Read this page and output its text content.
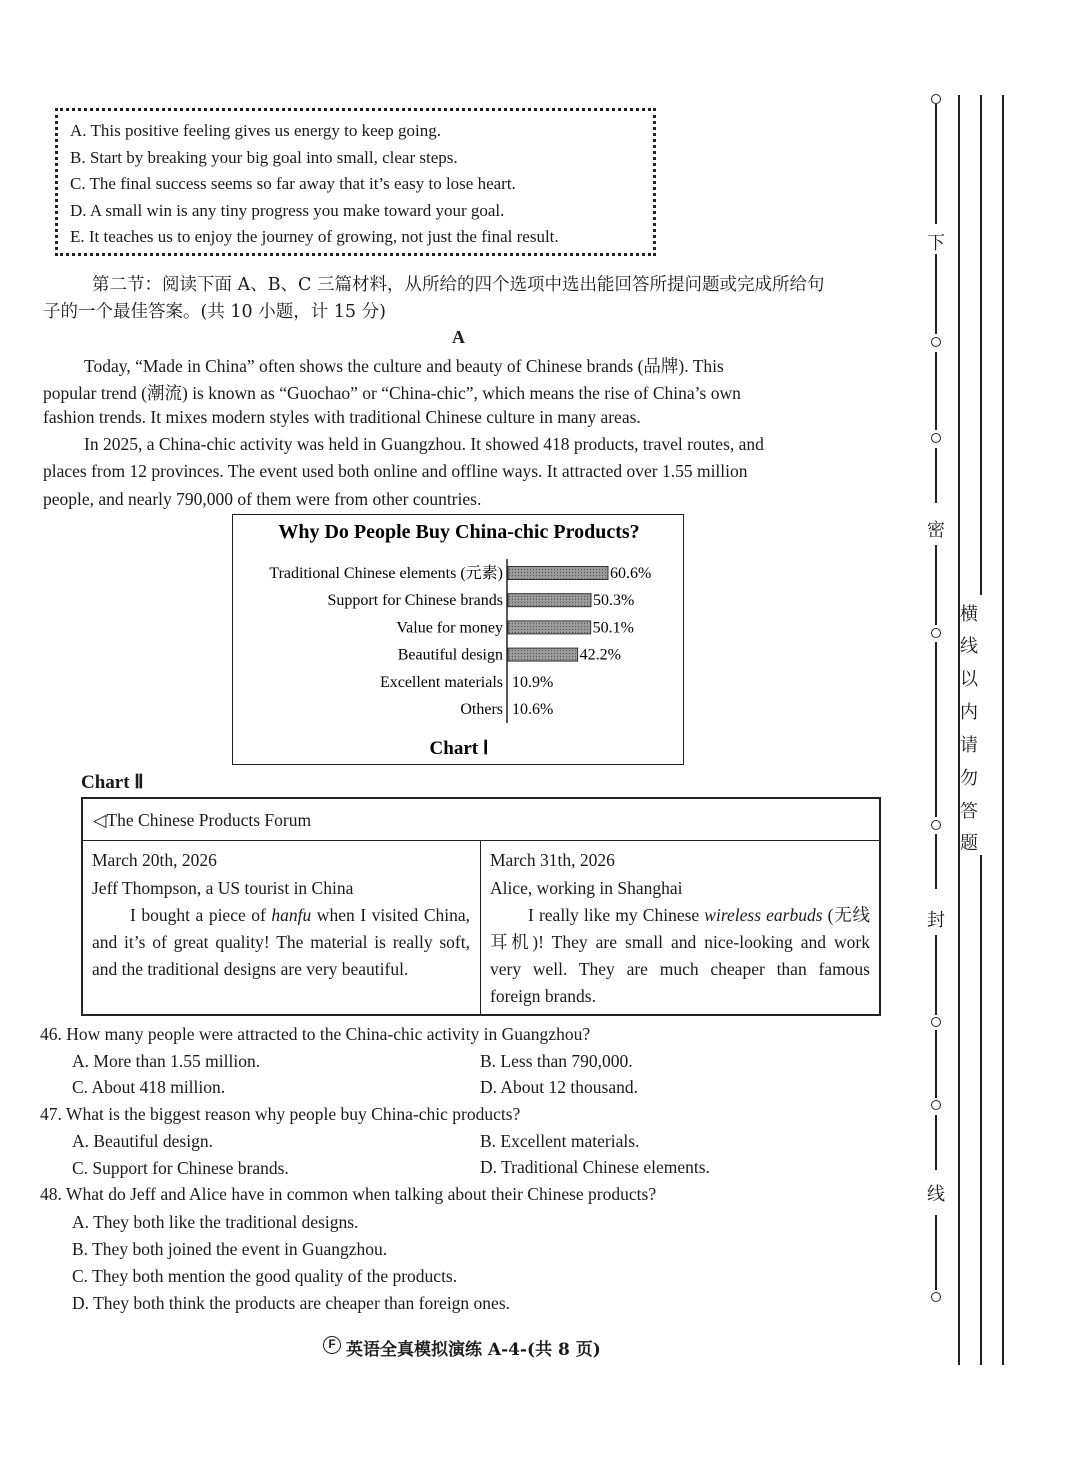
A. This positive feeling gives us energy to keep going.
B. Start by breaking your big goal into small, clear steps.
C. The final success seems so far away that it’s easy to lose heart.
D. A small win is any tiny progress you make toward your goal.
E. It teaches us to enjoy the journey of growing, not just the final result.
第二节：阅读下面 A、B、C 三篇材料，从所给的四个选项中选出能回答所提问题或完成所给句
子的一个最佳答案。(共 10 小题，计 15 分)
A
Today, “Made in China” often shows the culture and beauty of Chinese brands (品牌). This
popular trend (潮流) is known as “Guochao” or “China-chic”, which means the rise of China’s own
fashion trends. It mixes modern styles with traditional Chinese culture in many areas.
In 2025, a China-chic activity was held in Guangzhou. It showed 418 products, travel routes, and
places from 12 provinces. The event used both online and offline ways. It attracted over 1.55 million
people, and nearly 790,000 of them were from other countries.
Why Do People Buy China-chic Products?
Chart Ⅰ
Traditional Chinese elements (元素)	60.6%
Support for Chinese brands	50.3%
Value for money	50.1%
Beautiful design	42.2%
Excellent materials 10.9%
Others 10.6%
Chart Ⅱ
◁The Chinese Products Forum
March 20th, 2026
Jeff Thompson, a US tourist in China
I bought a piece of hanfu when I visited China, and it’s of great quality! The material is really soft, and the traditional designs are very beautiful.
March 31th, 2026
Alice, working in Shanghai
I really like my Chinese wireless earbuds (无线耳机)! They are small and nice-looking and work very well. They are much cheaper than famous foreign brands.
46. How many people were attracted to the China-chic activity in Guangzhou?
A. More than 1.55 million.	B. Less than 790,000.
C. About 418 million.	D. About 12 thousand.
47. What is the biggest reason why people buy China-chic products?
A. Beautiful design.	B. Excellent materials.
C. Support for Chinese brands.	D. Traditional Chinese elements.
48. What do Jeff and Alice have in common when talking about their Chinese products?
A. They both like the traditional designs.
B. They both joined the event in Guangzhou.
C. They both mention the good quality of the products.
D. They both think the products are cheaper than foreign ones.
F 英语全真模拟演练 A-4-(共 8 页)
下
密
封
线
横
线
以
内
请
勿
答
题
